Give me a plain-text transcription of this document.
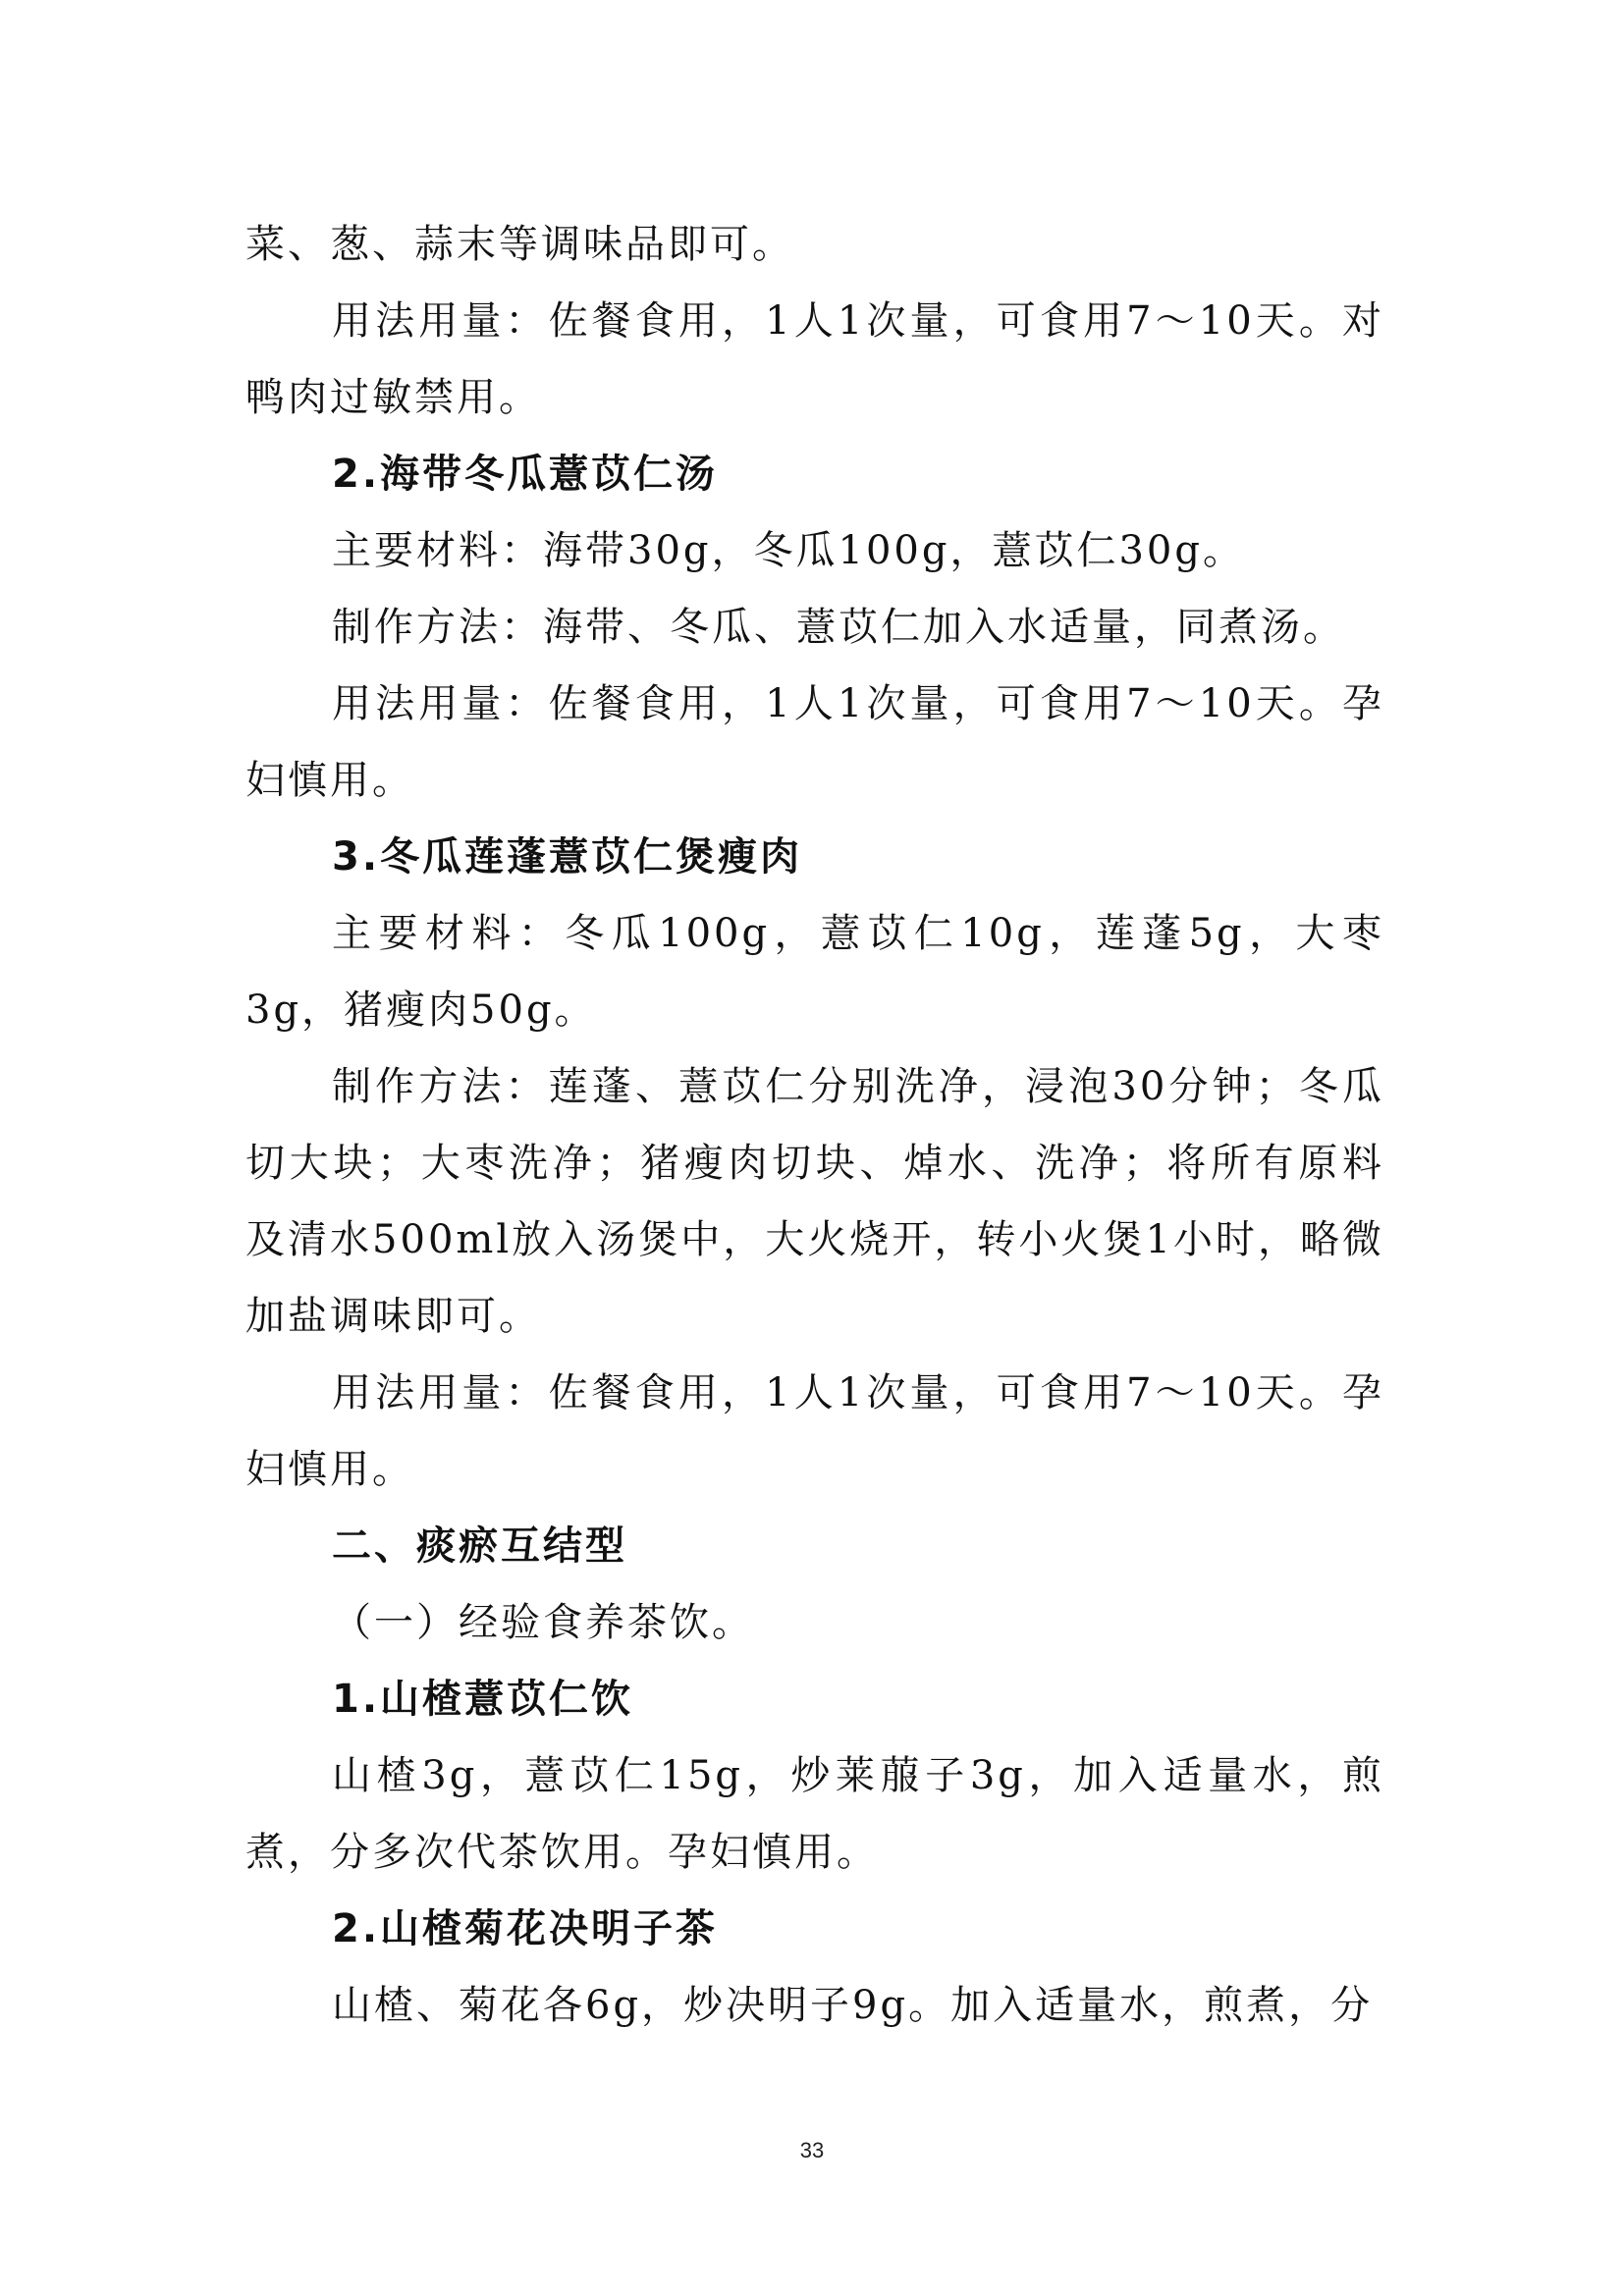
菜、葱、蒜末等调味品即可。

用法用量：佐餐食用，1人1次量，可食用7～10天。对鸭肉过敏禁用。

2.海带冬瓜薏苡仁汤

主要材料：海带30g，冬瓜100g，薏苡仁30g。

制作方法：海带、冬瓜、薏苡仁加入水适量，同煮汤。

用法用量：佐餐食用，1人1次量，可食用7～10天。孕妇慎用。

3.冬瓜莲蓬薏苡仁煲瘦肉

主要材料：冬瓜100g，薏苡仁10g，莲蓬5g，大枣3g，猪瘦肉50g。

制作方法：莲蓬、薏苡仁分别洗净，浸泡30分钟；冬瓜切大块；大枣洗净；猪瘦肉切块、焯水、洗净；将所有原料及清水500ml放入汤煲中，大火烧开，转小火煲1小时，略微加盐调味即可。

用法用量：佐餐食用，1人1次量，可食用7～10天。孕妇慎用。

二、痰瘀互结型

（一）经验食养茶饮。

1.山楂薏苡仁饮

山楂3g，薏苡仁15g，炒莱菔子3g，加入适量水，煎煮，分多次代茶饮用。孕妇慎用。

2.山楂菊花决明子茶

山楂、菊花各6g，炒决明子9g。加入适量水，煎煮，分

33
